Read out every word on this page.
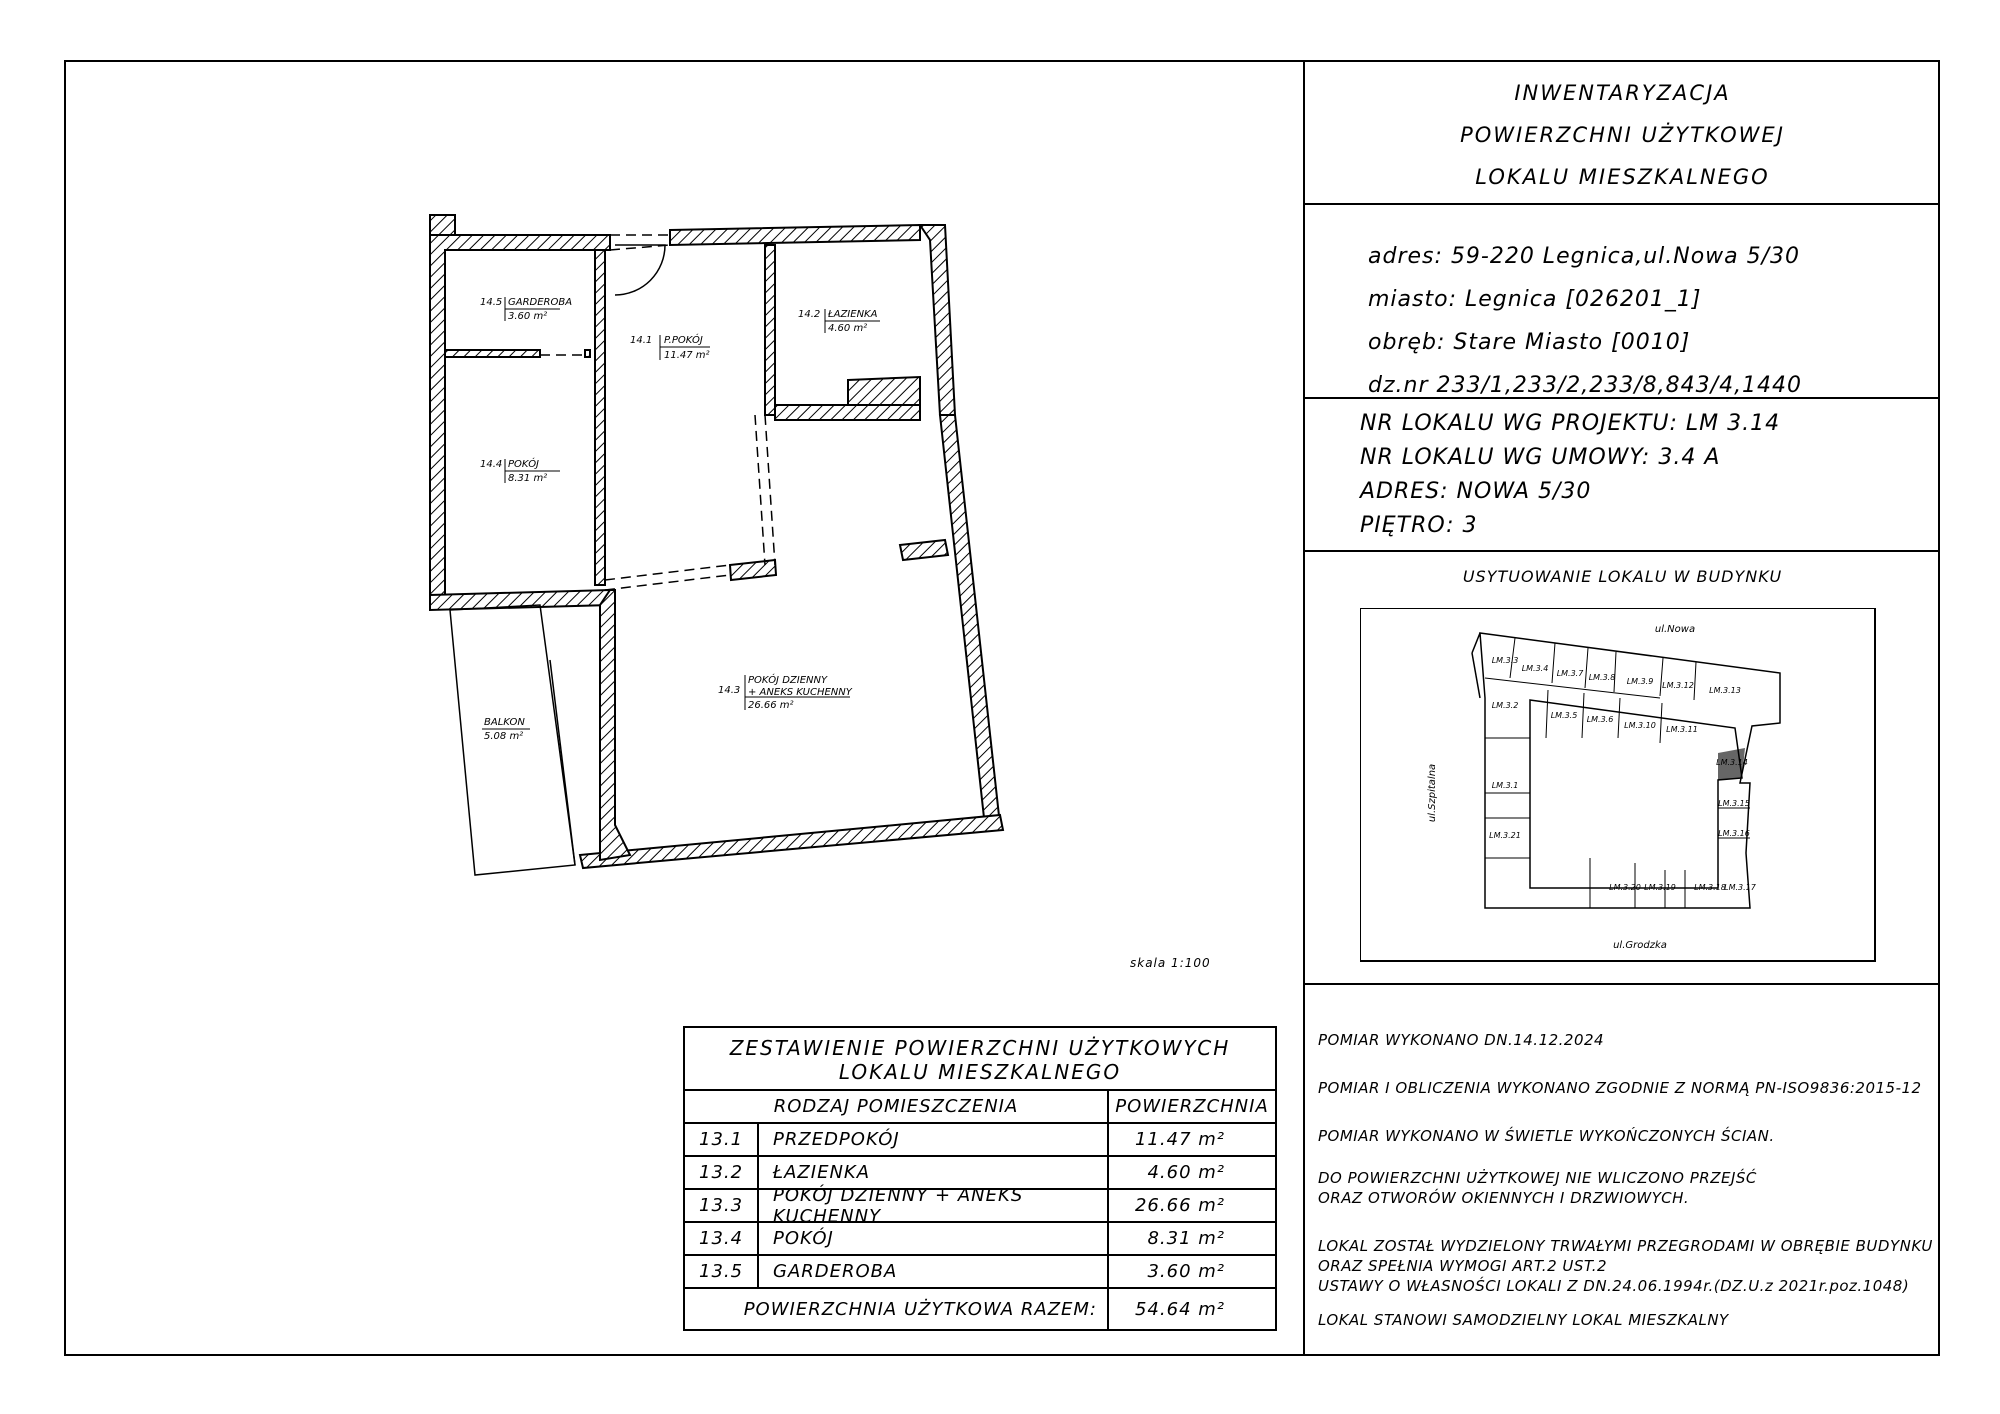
INWENTARYZACJA
POWIERZCHNI UŻYTKOWEJ
LOKALU MIESZKALNEGO
adres: 59-220 Legnica,ul.Nowa 5/30
miasto: Legnica [026201_1]
obręb: Stare Miasto [0010]
dz.nr 233/1,233/2,233/8,843/4,1440
NR LOKALU WG PROJEKTU: LM 3.14
NR LOKALU WG UMOWY: 3.4 A
ADRES: NOWA 5/30
PIĘTRO: 3
USYTUOWANIE LOKALU W BUDYNKU
ul.Nowa
ul.Grodzka
ul.Szpitalna
LM.3.3
LM.3.4
LM.3.7 LM.3.8 LM.3.9 LM.3.12
LM.3.13
LM.3.2
LM.3.5 LM.3.6
LM.3.10 LM.3.11
LM.3.14
LM.3.1
LM.3.15
LM.3.21	LM.3.16
LM.3.20 LM.3.19 LM.3.18
LM.3.17
14.5 GARDEROBA
3.60 m²
14.1 P.POKÓJ
11.47 m²
14.2 ŁAZIENKA
4.60 m²
14.4 POKÓJ
8.31 m²
14.3
POKÓJ DZIENNY
+ ANEKS KUCHENNY
26.66 m²
BALKON
5.08 m²
skala 1:100
ZESTAWIENIE POWIERZCHNI UŻYTKOWYCH
LOKALU MIESZKALNEGO
RODZAJ POMIESZCZENIA	POWIERZCHNIA
13.1	PRZEDPOKÓJ	11.47 m²
13.2	ŁAZIENKA	4.60 m²
13.3	POKÓJ DZIENNY + ANEKS KUCHENNY	26.66 m²
13.4	POKÓJ	8.31 m²
13.5	GARDEROBA	3.60 m²
POWIERZCHNIA UŻYTKOWA RAZEM:	54.64 m²
POMIAR WYKONANO DN.14.12.2024
POMIAR I OBLICZENIA WYKONANO ZGODNIE Z NORMĄ PN-ISO9836:2015-12
POMIAR WYKONANO W ŚWIETLE WYKOŃCZONYCH ŚCIAN.
DO POWIERZCHNI UŻYTKOWEJ NIE WLICZONO PRZEJŚĆ
ORAZ OTWORÓW OKIENNYCH I DRZWIOWYCH.
LOKAL ZOSTAŁ WYDZIELONY TRWAŁYMI PRZEGRODAMI W OBRĘBIE BUDYNKU
ORAZ SPEŁNIA WYMOGI ART.2 UST.2
USTAWY O WŁASNOŚCI LOKALI Z DN.24.06.1994r.(DZ.U.z 2021r.poz.1048)
LOKAL STANOWI SAMODZIELNY LOKAL MIESZKALNY
